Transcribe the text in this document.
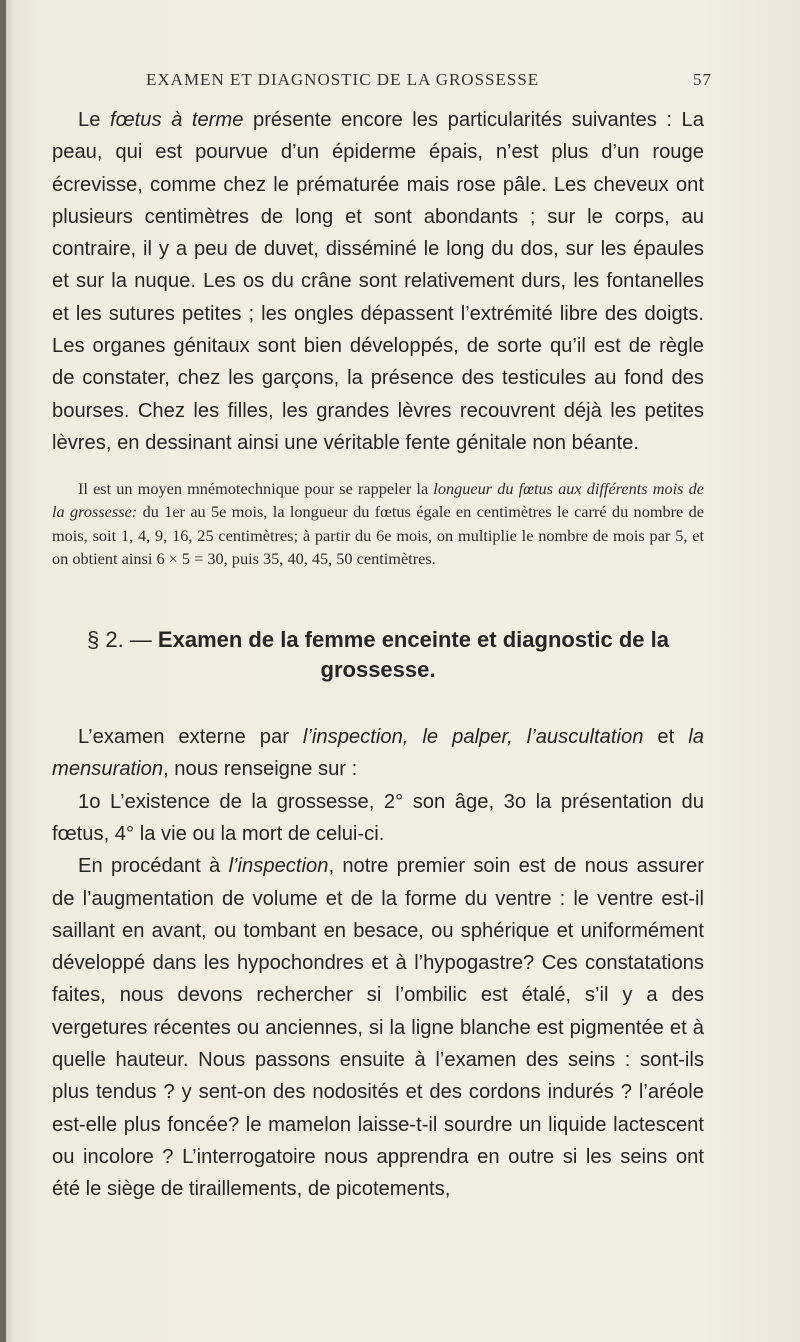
EXAMEN ET DIAGNOSTIC DE LA GROSSESSE	57

Le fœtus à terme présente encore les particularités suivantes : La peau, qui est pourvue d’un épiderme épais, n’est plus d’un rouge écrevisse, comme chez le prématurée mais rose pâle. Les cheveux ont plusieurs centimètres de long et sont abondants ; sur le corps, au contraire, il y a peu de duvet, disséminé le long du dos, sur les épaules et sur la nuque. Les os du crâne sont relativement durs, les fontanelles et les sutures petites ; les ongles dépassent l’extrémité libre des doigts. Les organes génitaux sont bien développés, de sorte qu’il est de règle de constater, chez les garçons, la présence des testicules au fond des bourses. Chez les filles, les grandes lèvres recouvrent déjà les petites lèvres, en dessinant ainsi une véritable fente génitale non béante.

Il est un moyen mnémotechnique pour se rappeler la longueur du fœtus aux différents mois de la grossesse: du 1er au 5e mois, la longueur du fœtus égale en centimètres le carré du nombre de mois, soit 1, 4, 9, 16, 25 centimètres; à partir du 6e mois, on multiplie le nombre de mois par 5, et on obtient ainsi 6 × 5 = 30, puis 35, 40, 45, 50 centimètres.

§ 2. — Examen de la femme enceinte et diagnostic de la grossesse.

L’examen externe par l’inspection, le palper, l’auscultation et la mensuration, nous renseigne sur :

1o L’existence de la grossesse, 2° son âge, 3o la présentation du fœtus, 4° la vie ou la mort de celui-ci.

En procédant à l’inspection, notre premier soin est de nous assurer de l’augmentation de volume et de la forme du ventre : le ventre est-il saillant en avant, ou tombant en besace, ou sphérique et uniformément développé dans les hypochondres et à l’hypogastre? Ces constatations faites, nous devons rechercher si l’ombilic est étalé, s’il y a des vergetures récentes ou anciennes, si la ligne blanche est pigmentée et à quelle hauteur. Nous passons ensuite à l’examen des seins : sont-ils plus tendus ? y sent-on des nodosités et des cordons indurés ? l’aréole est-elle plus foncée? le mamelon laisse-t-il sourdre un liquide lactescent ou incolore ? L’interrogatoire nous apprendra en outre si les seins ont été le siège de tiraillements, de picotements,
